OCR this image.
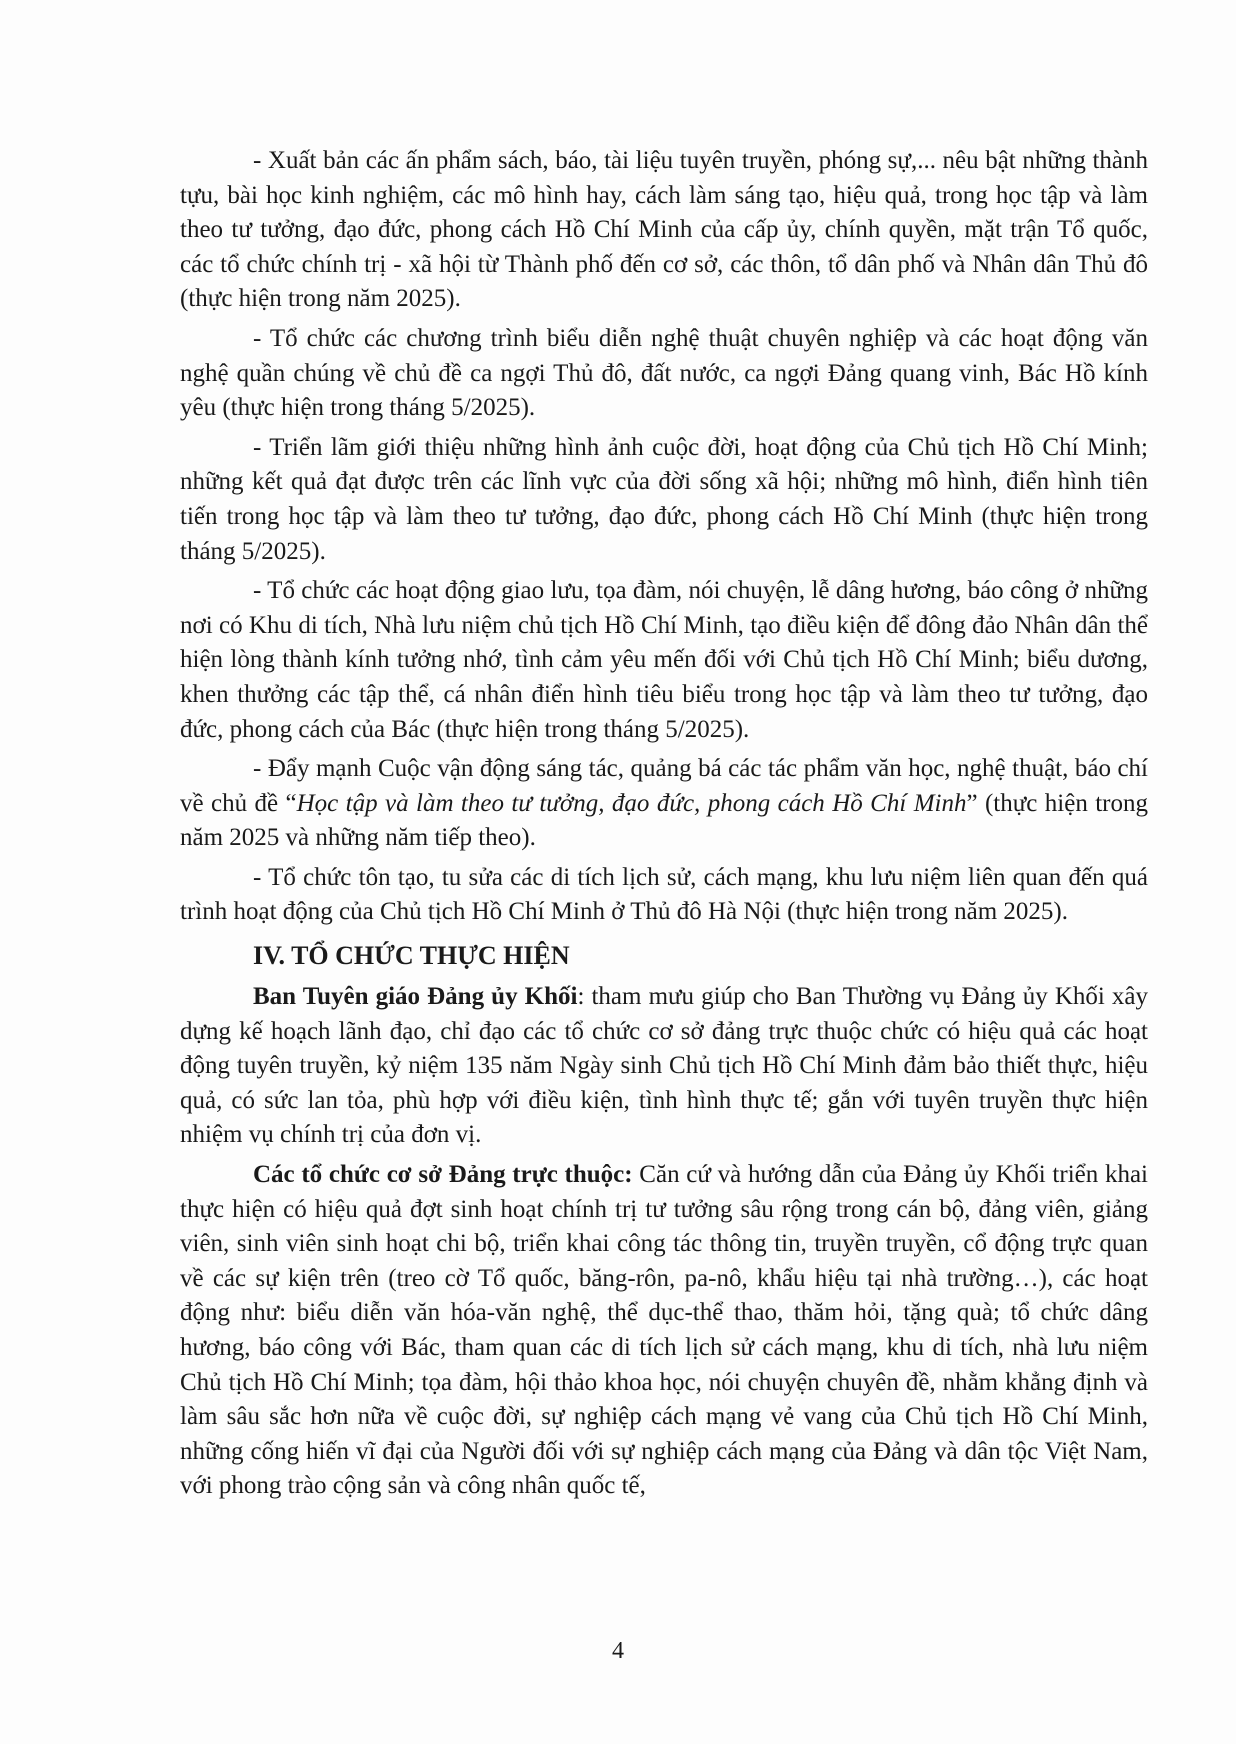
- Xuất bản các ấn phẩm sách, báo, tài liệu tuyên truyền, phóng sự,... nêu bật những thành tựu, bài học kinh nghiệm, các mô hình hay, cách làm sáng tạo, hiệu quả, trong học tập và làm theo tư tưởng, đạo đức, phong cách Hồ Chí Minh của cấp ủy, chính quyền, mặt trận Tổ quốc, các tổ chức chính trị - xã hội từ Thành phố đến cơ sở, các thôn, tổ dân phố và Nhân dân Thủ đô (thực hiện trong năm 2025).

- Tổ chức các chương trình biểu diễn nghệ thuật chuyên nghiệp và các hoạt động văn nghệ quần chúng về chủ đề ca ngợi Thủ đô, đất nước, ca ngợi Đảng quang vinh, Bác Hồ kính yêu (thực hiện trong tháng 5/2025).

- Triển lãm giới thiệu những hình ảnh cuộc đời, hoạt động của Chủ tịch Hồ Chí Minh; những kết quả đạt được trên các lĩnh vực của đời sống xã hội; những mô hình, điển hình tiên tiến trong học tập và làm theo tư tưởng, đạo đức, phong cách Hồ Chí Minh (thực hiện trong tháng 5/2025).

- Tổ chức các hoạt động giao lưu, tọa đàm, nói chuyện, lễ dâng hương, báo công ở những nơi có Khu di tích, Nhà lưu niệm chủ tịch Hồ Chí Minh, tạo điều kiện để đông đảo Nhân dân thể hiện lòng thành kính tưởng nhớ, tình cảm yêu mến đối với Chủ tịch Hồ Chí Minh; biểu dương, khen thưởng các tập thể, cá nhân điển hình tiêu biểu trong học tập và làm theo tư tưởng, đạo đức, phong cách của Bác (thực hiện trong tháng 5/2025).

- Đẩy mạnh Cuộc vận động sáng tác, quảng bá các tác phẩm văn học, nghệ thuật, báo chí về chủ đề “Học tập và làm theo tư tưởng, đạo đức, phong cách Hồ Chí Minh” (thực hiện trong năm 2025 và những năm tiếp theo).

- Tổ chức tôn tạo, tu sửa các di tích lịch sử, cách mạng, khu lưu niệm liên quan đến quá trình hoạt động của Chủ tịch Hồ Chí Minh ở Thủ đô Hà Nội (thực hiện trong năm 2025).

IV. TỔ CHỨC THỰC HIỆN

Ban Tuyên giáo Đảng ủy Khối: tham mưu giúp cho Ban Thường vụ Đảng ủy Khối xây dựng kế hoạch lãnh đạo, chỉ đạo các tổ chức cơ sở đảng trực thuộc chức có hiệu quả các hoạt động tuyên truyền, kỷ niệm 135 năm Ngày sinh Chủ tịch Hồ Chí Minh đảm bảo thiết thực, hiệu quả, có sức lan tỏa, phù hợp với điều kiện, tình hình thực tế; gắn với tuyên truyền thực hiện nhiệm vụ chính trị của đơn vị.

Các tổ chức cơ sở Đảng trực thuộc: Căn cứ và hướng dẫn của Đảng ủy Khối triển khai thực hiện có hiệu quả đợt sinh hoạt chính trị tư tưởng sâu rộng trong cán bộ, đảng viên, giảng viên, sinh viên sinh hoạt chi bộ, triển khai công tác thông tin, truyền truyền, cổ động trực quan về các sự kiện trên (treo cờ Tổ quốc, băng-rôn, pa-nô, khẩu hiệu tại nhà trường…), các hoạt động như: biểu diễn văn hóa-văn nghệ, thể dục-thể thao, thăm hỏi, tặng quà; tổ chức dâng hương, báo công với Bác, tham quan các di tích lịch sử cách mạng, khu di tích, nhà lưu niệm Chủ tịch Hồ Chí Minh; tọa đàm, hội thảo khoa học, nói chuyện chuyên đề, nhằm khẳng định và làm sâu sắc hơn nữa về cuộc đời, sự nghiệp cách mạng vẻ vang của Chủ tịch Hồ Chí Minh, những cống hiến vĩ đại của Người đối với sự nghiệp cách mạng của Đảng và dân tộc Việt Nam, với phong trào cộng sản và công nhân quốc tế,

4
